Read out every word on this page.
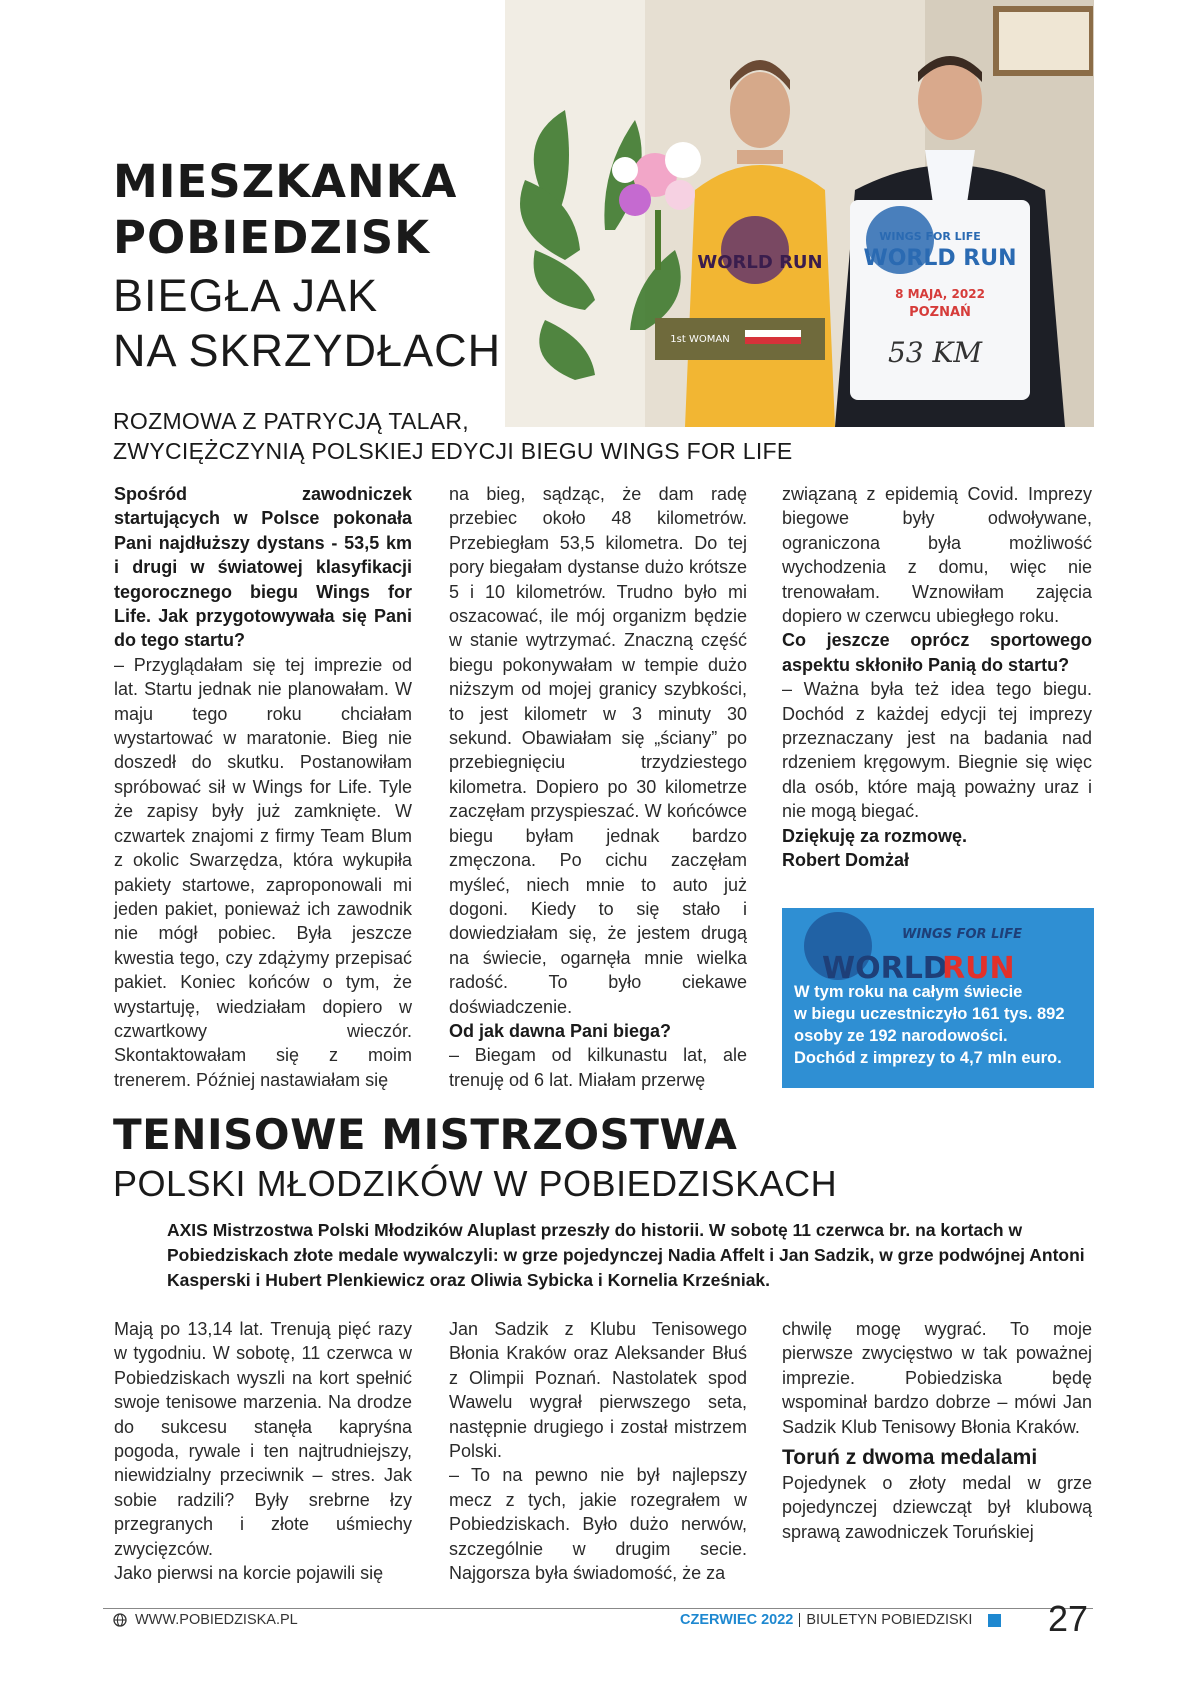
MIESZKANKA
POBIEDZISK
BIEGŁA JAK
NA SKRZYDŁACH
WORLD RUN
1st WOMAN
WINGS FOR LIFE
WORLD RUN
8 MAJA, 2022
POZNAŃ
53 KM
ROZMOWA Z PATRYCJĄ TALAR,
ZWYCIĘŻCZYNIĄ POLSKIEJ EDYCJI BIEGU WINGS FOR LIFE

Spośród zawodniczek startujących w Polsce pokonała Pani najdłuższy dystans - 53,5 km i drugi w światowej klasyfikacji tegorocznego biegu Wings for Life. Jak przygotowywała się Pani do tego startu?

– Przyglądałam się tej imprezie od lat. Startu jednak nie planowałam. W maju tego roku chciałam wystartować w maratonie. Bieg nie doszedł do skutku. Postanowiłam spróbować sił w Wings for Life. Tyle że zapisy były już zamknięte. W czwartek znajomi z firmy Team Blum z okolic Swarzędza, która wykupiła pakiety startowe, zaproponowali mi jeden pakiet, ponieważ ich zawodnik nie mógł pobiec. Była jeszcze kwestia tego, czy zdążymy przepisać pakiet. Koniec końców o tym, że wystartuję, wiedziałam dopiero w czwartkowy wieczór. Skontaktowałam się z moim trenerem. Później nastawiałam się

na bieg, sądząc, że dam radę przebiec około 48 kilometrów. Przebiegłam 53,5 kilometra. Do tej pory biegałam dystanse dużo krótsze 5 i 10 kilometrów. Trudno było mi oszacować, ile mój organizm będzie w stanie wytrzymać. Znaczną część biegu pokonywałam w tempie dużo niższym od mojej granicy szybkości, to jest kilometr w 3 minuty 30 sekund. Obawiałam się „ściany” po przebiegnięciu trzydziestego kilometra. Dopiero po 30 kilometrze zaczęłam przyspieszać. W końcówce biegu byłam jednak bardzo zmęczona. Po cichu zaczęłam myśleć, niech mnie to auto już dogoni. Kiedy to się stało i dowiedziałam się, że jestem drugą na świecie, ogarnęła mnie wielka radość. To było ciekawe doświadczenie.

Od jak dawna Pani biega?

– Biegam od kilkunastu lat, ale trenuję od 6 lat. Miałam przerwę

związaną z epidemią Covid. Imprezy biegowe były odwoływane, ograniczona była możliwość wychodzenia z domu, więc nie trenowałam. Wznowiłam zajęcia dopiero w czerwcu ubiegłego roku.

Co jeszcze oprócz sportowego aspektu skłoniło Panią do startu?

– Ważna była też idea tego biegu. Dochód z każdej edycji tej imprezy przeznaczany jest na badania nad rdzeniem kręgowym. Biegnie się więc dla osób, które mają poważny uraz i nie mogą biegać.

Dziękuję za rozmowę.

Robert Domżał

WINGS FOR LIFE
WORLD
RUN
W tym roku na całym świecie
w biegu uczestniczyło 161 tys. 892
osoby ze 192 narodowości.
Dochód z imprezy to 4,7 mln euro.
TENISOWE MISTRZOSTWA
POLSKI MŁODZIKÓW W POBIEDZISKACH
AXIS Mistrzostwa Polski Młodzików Aluplast przeszły do historii. W sobotę 11 czerwca br. na kortach w Pobiedziskach złote medale wywalczyli: w grze pojedynczej Nadia Affelt i Jan Sadzik, w grze podwójnej Antoni Kasperski i Hubert Plenkiewicz oraz Oliwia Sybicka i Kornelia Krześniak.

Mają po 13,14 lat. Trenują pięć razy w tygodniu. W sobotę, 11 czerwca w Pobiedziskach wyszli na kort spełnić swoje tenisowe marzenia. Na drodze do sukcesu stanęła kapryśna pogoda, rywale i ten najtrudniejszy, niewidzialny przeciwnik – stres. Jak sobie radzili? Były srebrne łzy przegranych i złote uśmiechy zwycięzców.

Jako pierwsi na korcie pojawili się

Jan Sadzik z Klubu Tenisowego Błonia Kraków oraz Aleksander Błuś z Olimpii Poznań. Nastolatek spod Wawelu wygrał pierwszego seta, następnie drugiego i został mistrzem Polski.

– To na pewno nie był najlepszy mecz z tych, jakie rozegrałem w Pobiedziskach. Było dużo nerwów, szczególnie w drugim secie. Najgorsza była świadomość, że za

chwilę mogę wygrać. To moje pierwsze zwycięstwo w tak poważnej imprezie. Pobiedziska będę wspominał bardzo dobrze – mówi Jan Sadzik Klub Tenisowy Błonia Kraków.

Toruń z dwoma medalami

Pojedynek o złoty medal w grze pojedynczej dziewcząt był klubową sprawą zawodniczek Toruńskiej

WWW.POBIEDZISKA.PL	CZERWIEC 2022 BIULETYN POBIEDZISKI 27
